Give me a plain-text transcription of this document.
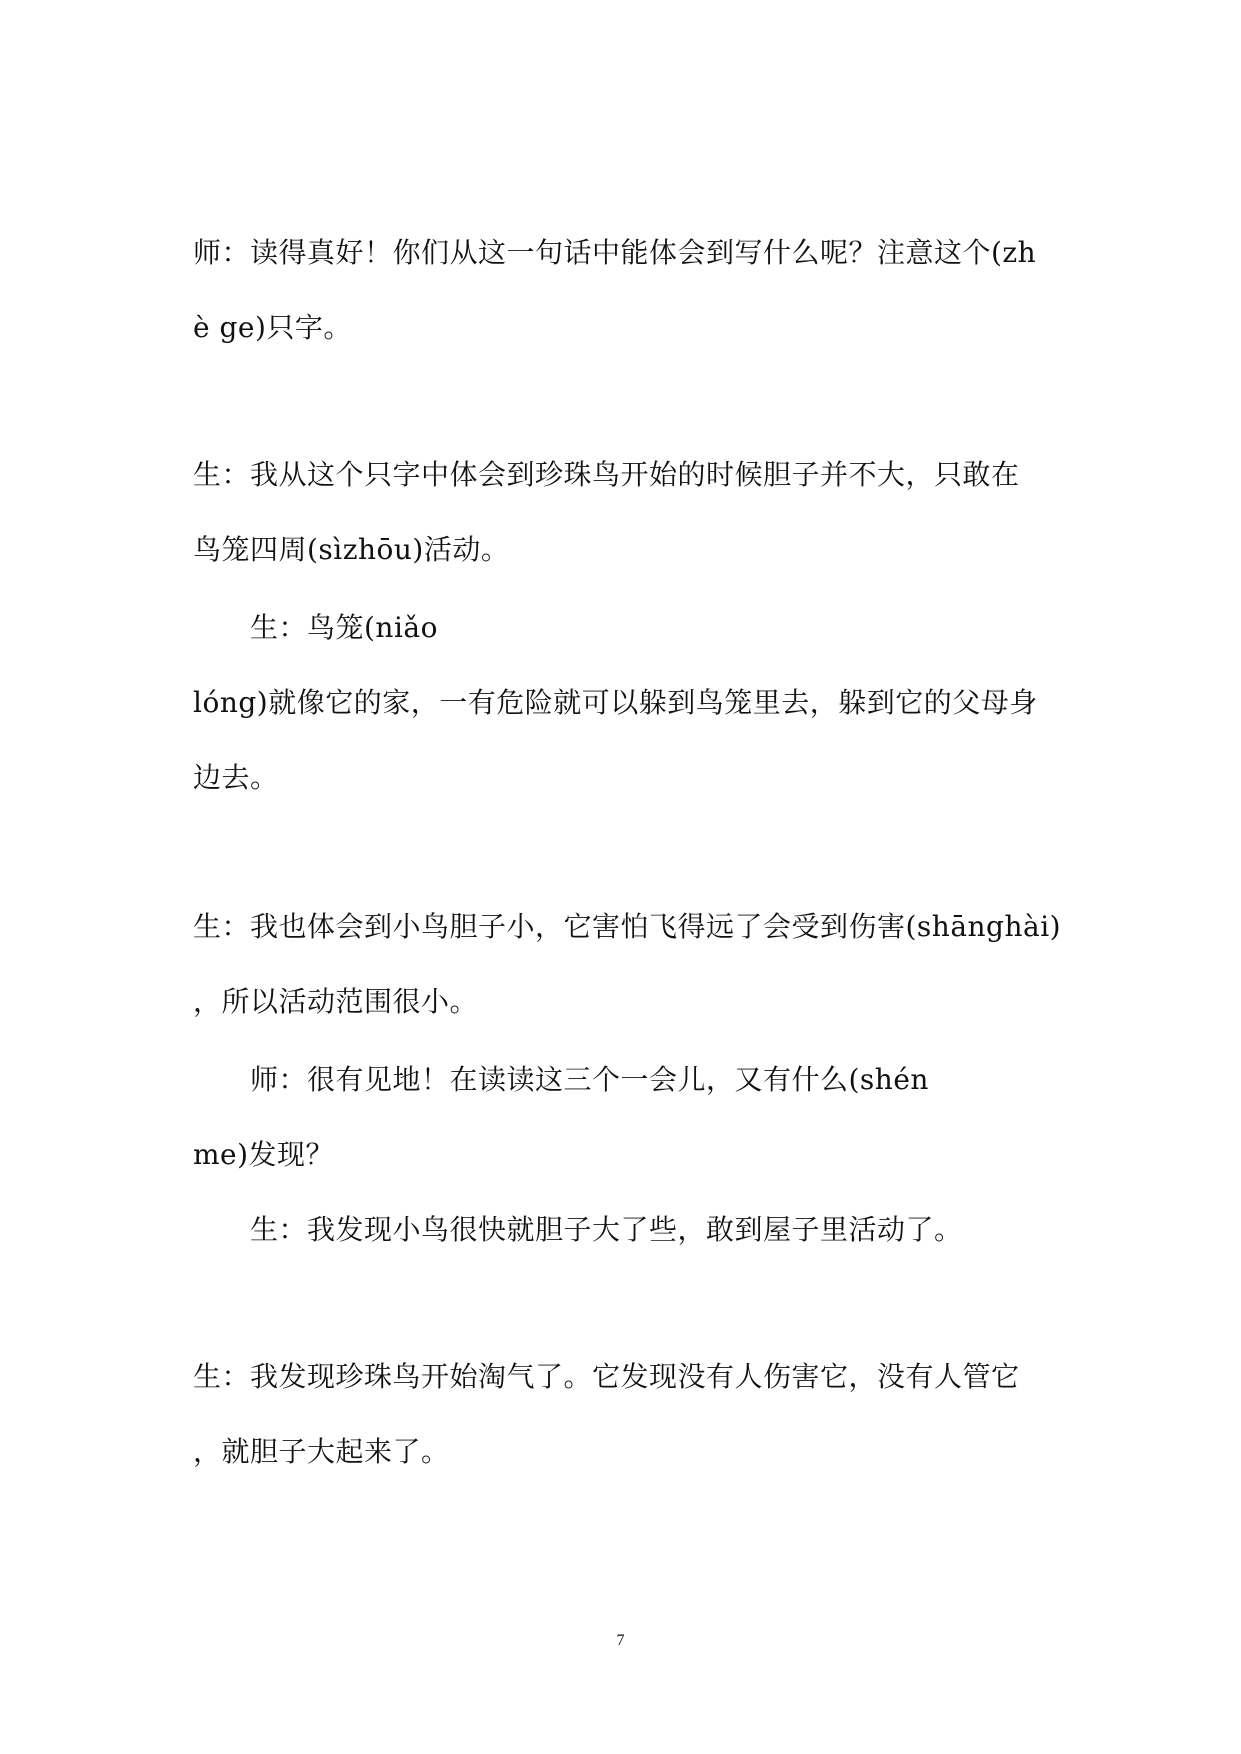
师：读得真好！你们从这一句话中能体会到写什么呢？注意这个(zh
è ge)只字。
生：我从这个只字中体会到珍珠鸟开始的时候胆子并不大，只敢在
鸟笼四周(sìzhōu)活动。
生：鸟笼(niǎo
lóng)就像它的家，一有危险就可以躲到鸟笼里去，躲到它的父母身
边去。
生：我也体会到小鸟胆子小，它害怕飞得远了会受到伤害(shānghài)
，所以活动范围很小。
师：很有见地！在读读这三个一会儿，又有什么(shén
me)发现？
生：我发现小鸟很快就胆子大了些，敢到屋子里活动了。
生：我发现珍珠鸟开始淘气了。它发现没有人伤害它，没有人管它
，就胆子大起来了。
7
